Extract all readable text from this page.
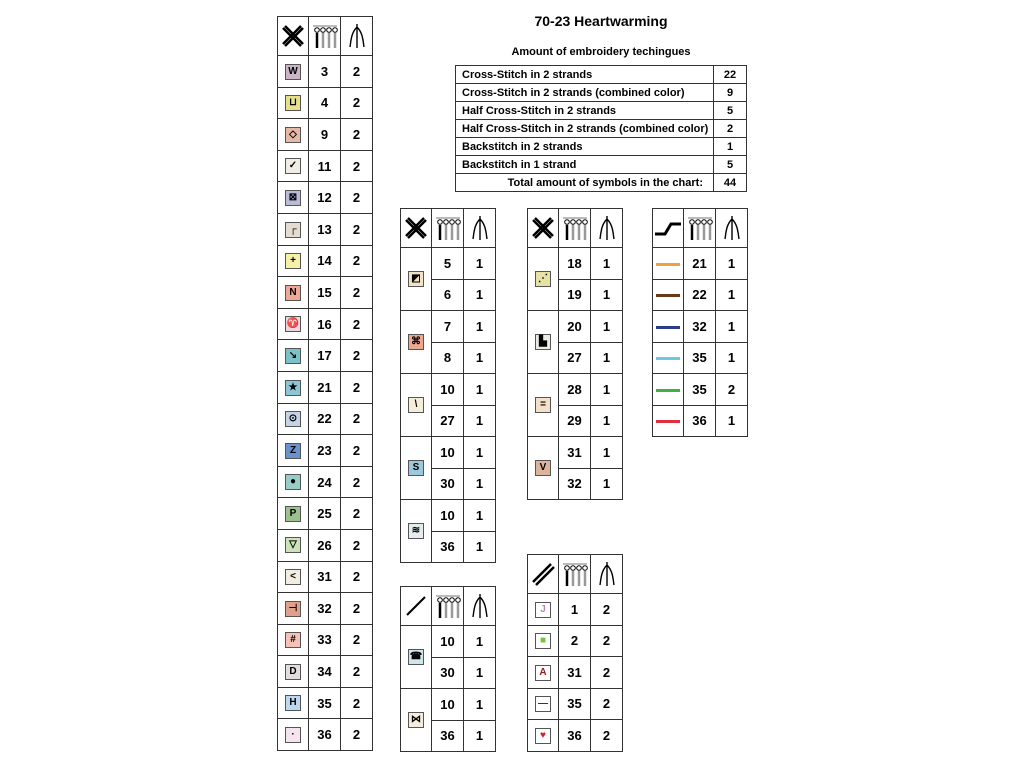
70-23 Heartwarming
Amount of embroidery techingues
Cross-Stitch in 2 strands	22
Cross-Stitch in 2 strands (combined color)	9
Half Cross-Stitch in 2 strands	5
Half Cross-Stitch in 2 strands (combined color)	2
Backstitch in 2 strands	1
Backstitch in 1 strand	5
Total amount of symbols in the chart:	44

W	3	2
⊔	4	2
◇	9	2
✓	11	2
⊠	12	2
┌	13	2
+	14	2
N	15	2
♈	16	2
↘	17	2
★	21	2
⊙	22	2
Z	23	2
●	24	2
P	25	2
▽	26	2
<	31	2
⊣	32	2
#	33	2
D	34	2
H	35	2
·	36	2

◩	5	1
	6	1
⌘	7	1
	8	1
\	10	1
	27	1
S	10	1
	30	1
≋	10	1
	36	1

⋰	18	1
	19	1
▙	20	1
	27	1
=	28	1
	29	1
V	31	1
	32	1

	21	1
	22	1
	32	1
	35	1
	35	2
	36	1

☎	10	1
	30	1
⋈	10	1
	36	1

J	1	2
■	2	2
A	31	2
—	35	2
♥	36	2
